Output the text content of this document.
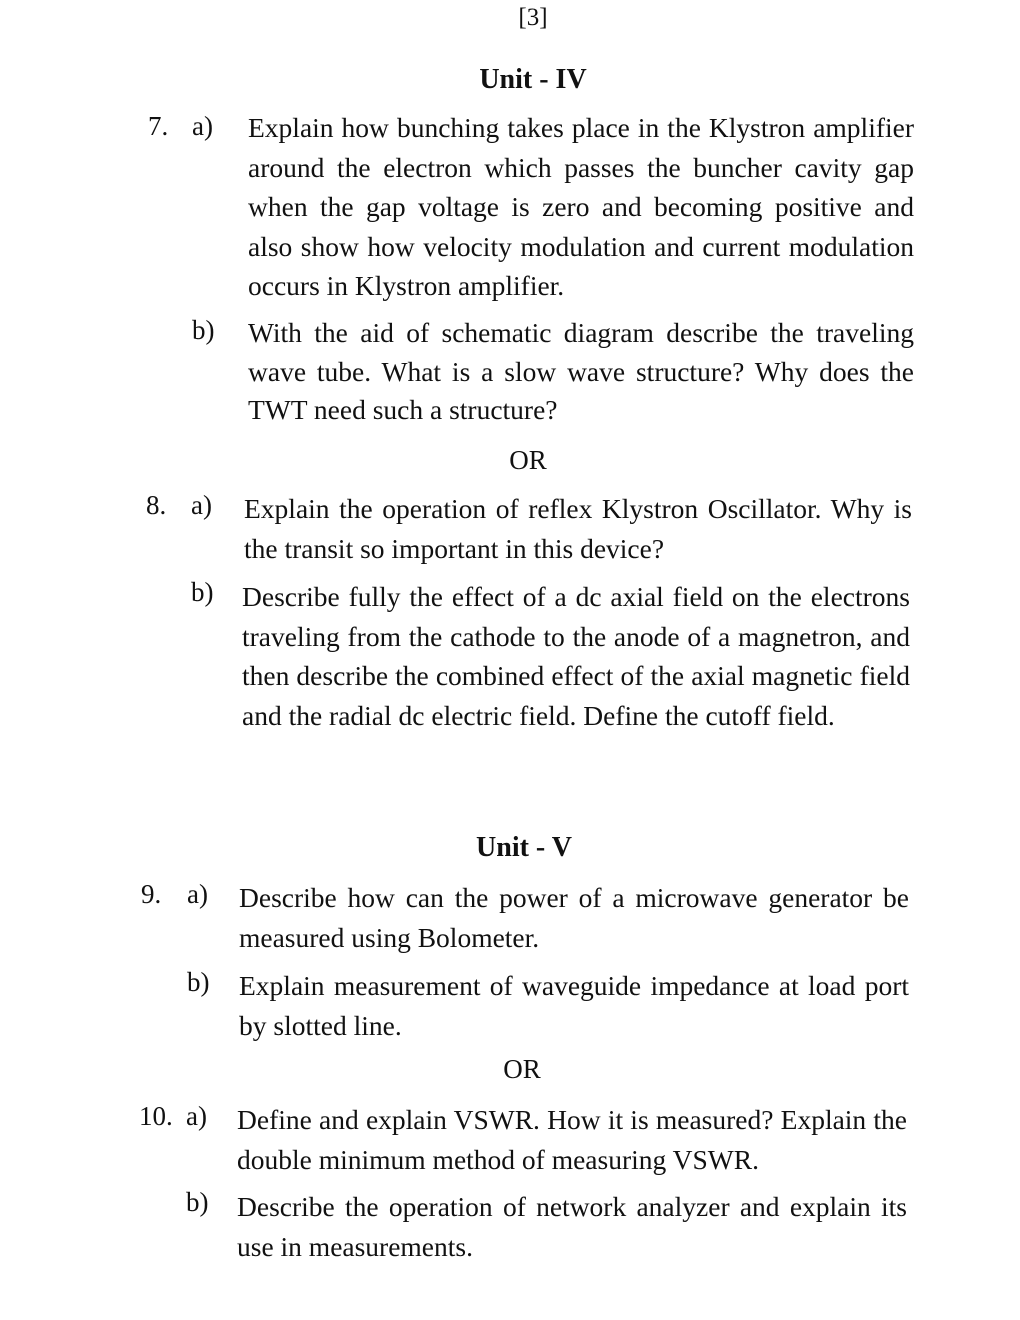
[3]
Unit - IV
7. a) Explain how bunching takes place in the Klystron amplifier around the electron which passes the buncher cavity gap when the gap voltage is zero and becoming positive and also show how velocity modulation and current modulation occurs in Klystron amplifier.
b) With the aid of schematic diagram describe the traveling wave tube. What is a slow wave structure? Why does the TWT need such a structure?
OR
8. a) Explain the operation of reflex Klystron Oscillator. Why is the transit so important in this device?
b) Describe fully the effect of a dc axial field on the electrons traveling from the cathode to the anode of a magnetron, and then describe the combined effect of the axial magnetic field and the radial dc electric field. Define the cutoff field.
Unit - V
9. a) Describe how can the power of a microwave generator be measured using Bolometer.
b) Explain measurement of waveguide impedance at load port by slotted line.
OR
10. a) Define and explain VSWR. How it is measured? Explain the double minimum method of measuring VSWR.
b) Describe the operation of network analyzer and explain its use in measurements.
